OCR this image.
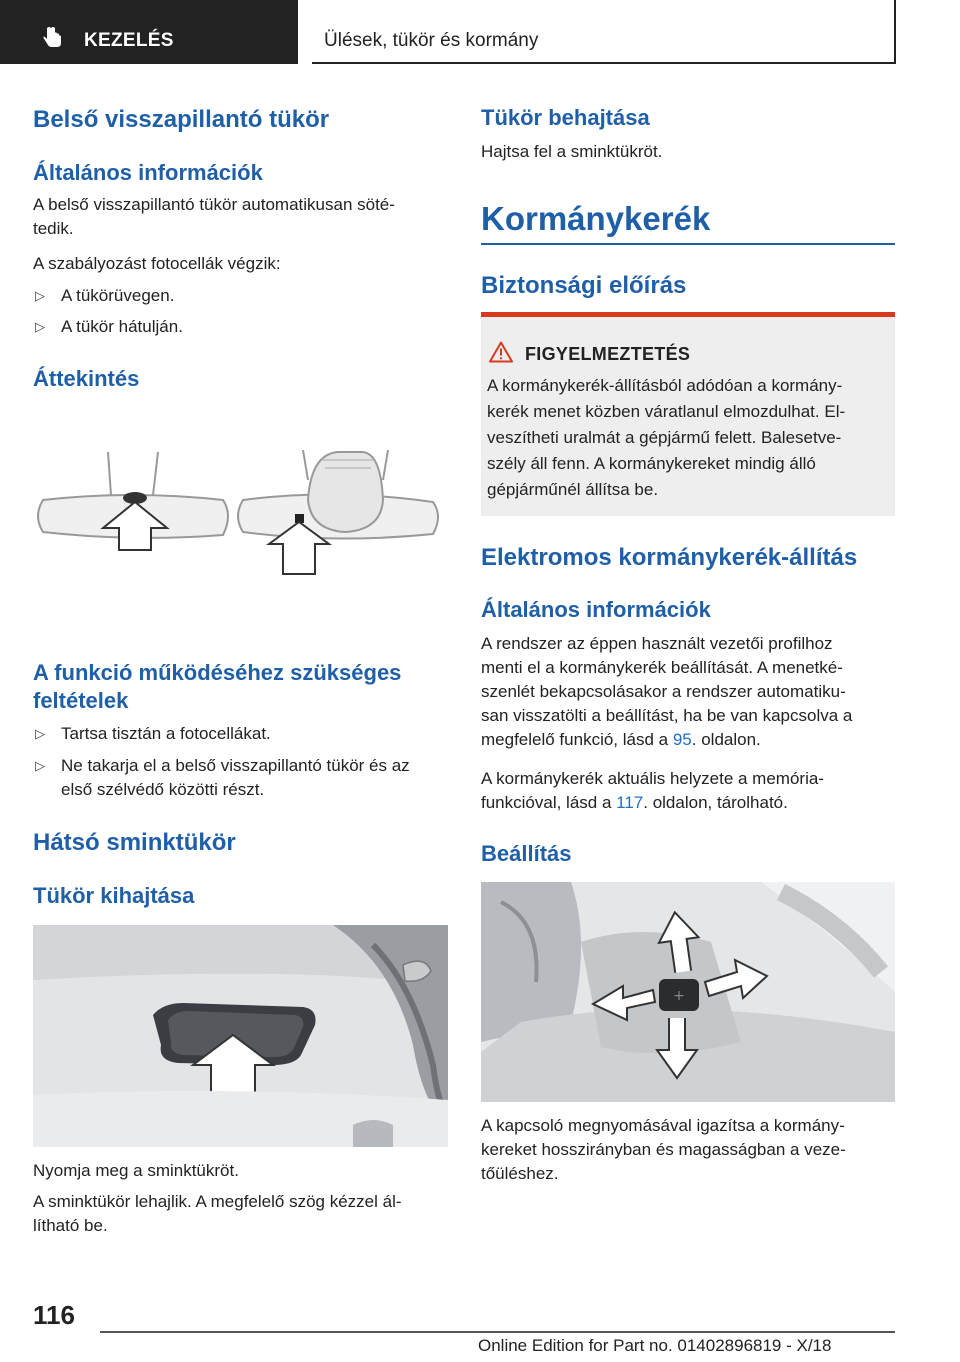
KEZELÉS	Ülések, tükör és kormány
Belső visszapillantó tükör
Általános információk
A belső visszapillantó tükör automatikusan söté-
tedik.
A szabályozást fotocellák végzik:
▷ A tükörüvegen.
▷ A tükör hátulján.
Áttekintés
A funkció működéséhez szükséges
feltételek
▷ Tartsa tisztán a fotocellákat.
▷ Ne takarja el a belső visszapillantó tükör és az
első szélvédő közötti részt.
Hátsó sminktükör
Tükör kihajtása
Nyomja meg a sminktükröt.
A sminktükör lehajlik. A megfelelő szög kézzel ál-
lítható be.
Tükör behajtása
Hajtsa fel a sminktükröt.
Kormánykerék
Biztonsági előírás
FIGYELMEZTETÉS
A kormánykerék-állításból adódóan a kormány-
kerék menet közben váratlanul elmozdulhat. El-
veszítheti uralmát a gépjármű felett. Balesetve-
szély áll fenn. A kormánykereket mindig álló
gépjárműnél állítsa be.
Elektromos kormánykerék-állítás
Általános információk
A rendszer az éppen használt vezetői profilhoz
menti el a kormánykerék beállítását. A menetké-
szenlét bekapcsolásakor a rendszer automatiku-
san visszatölti a beállítást, ha be van kapcsolva a
megfelelő funkció, lásd a 95. oldalon.
A kormánykerék aktuális helyzete a memória-
funkcióval, lásd a 117. oldalon, tárolható.
Beállítás
+
A kapcsoló megnyomásával igazítsa a kormány-
kereket hosszirányban és magasságban a veze-
tőüléshez.
116
Online Edition for Part no. 01402896819 - X/18
